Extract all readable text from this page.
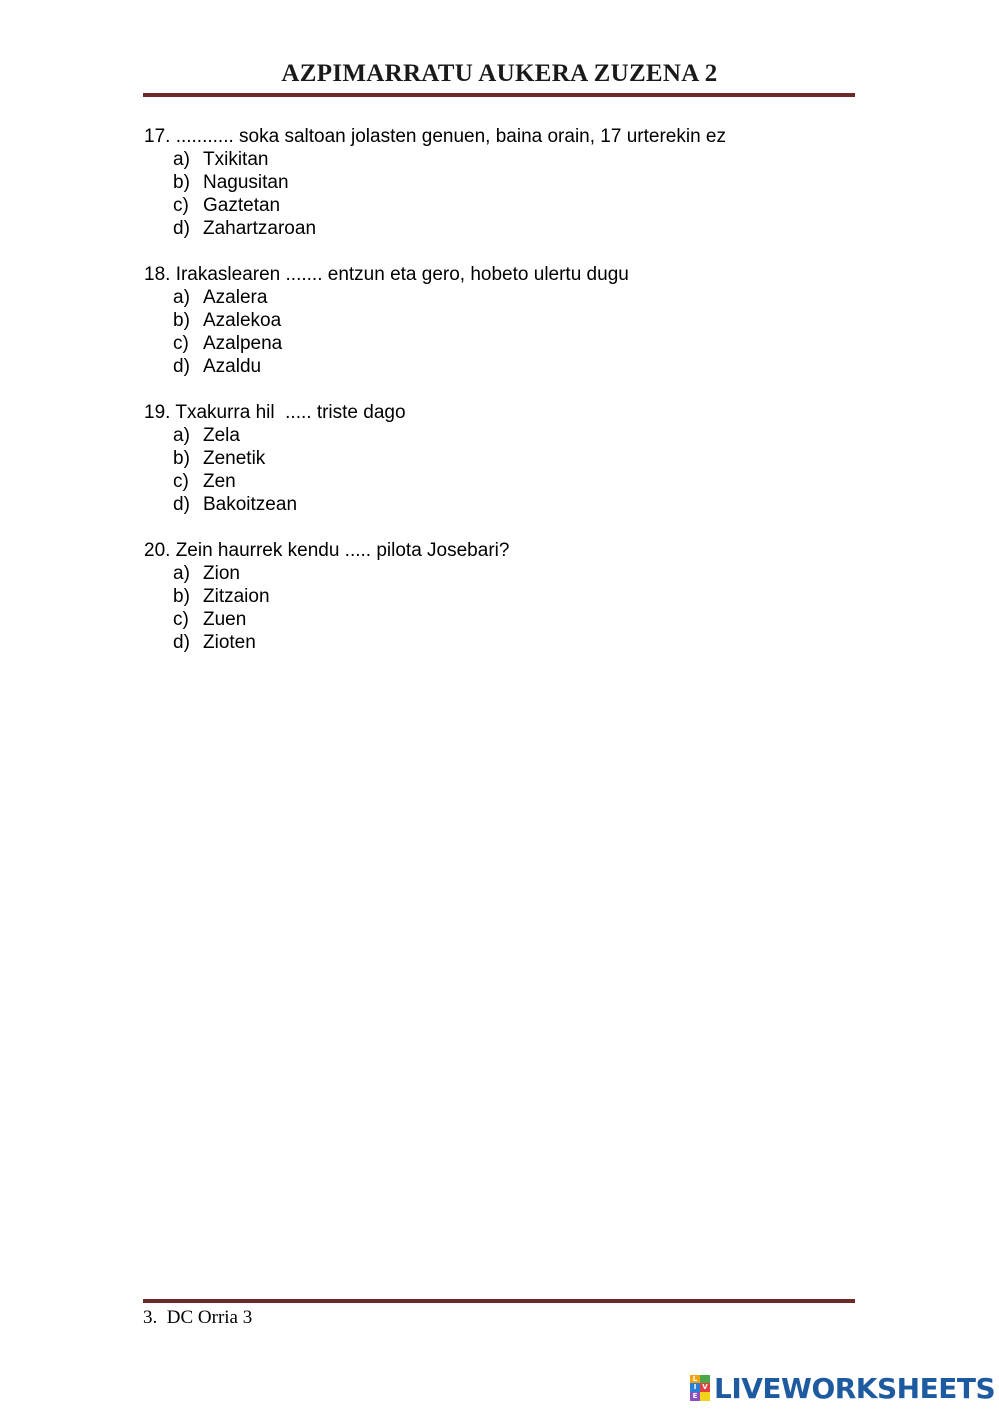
AZPIMARRATU AUKERA ZUZENA 2
17. ........... soka saltoan jolasten genuen, baina orain, 17 urterekin ez
a) Txikitan
b) Nagusitan
c) Gaztetan
d) Zahartzaroan
18. Irakaslearen ....... entzun eta gero, hobeto ulertu dugu
a) Azalera
b) Azalekoa
c) Azalpena
d) Azaldu
19. Txakurra hil  ..... triste dago
a) Zela
b) Zenetik
c) Zen
d) Bakoitzean
20. Zein haurrek kendu ..... pilota Josebari?
a) Zion
b) Zitzaion
c) Zuen
d) Zioten
3.  DC Orria 3
L
I V
E LIVEWORKSHEETS
